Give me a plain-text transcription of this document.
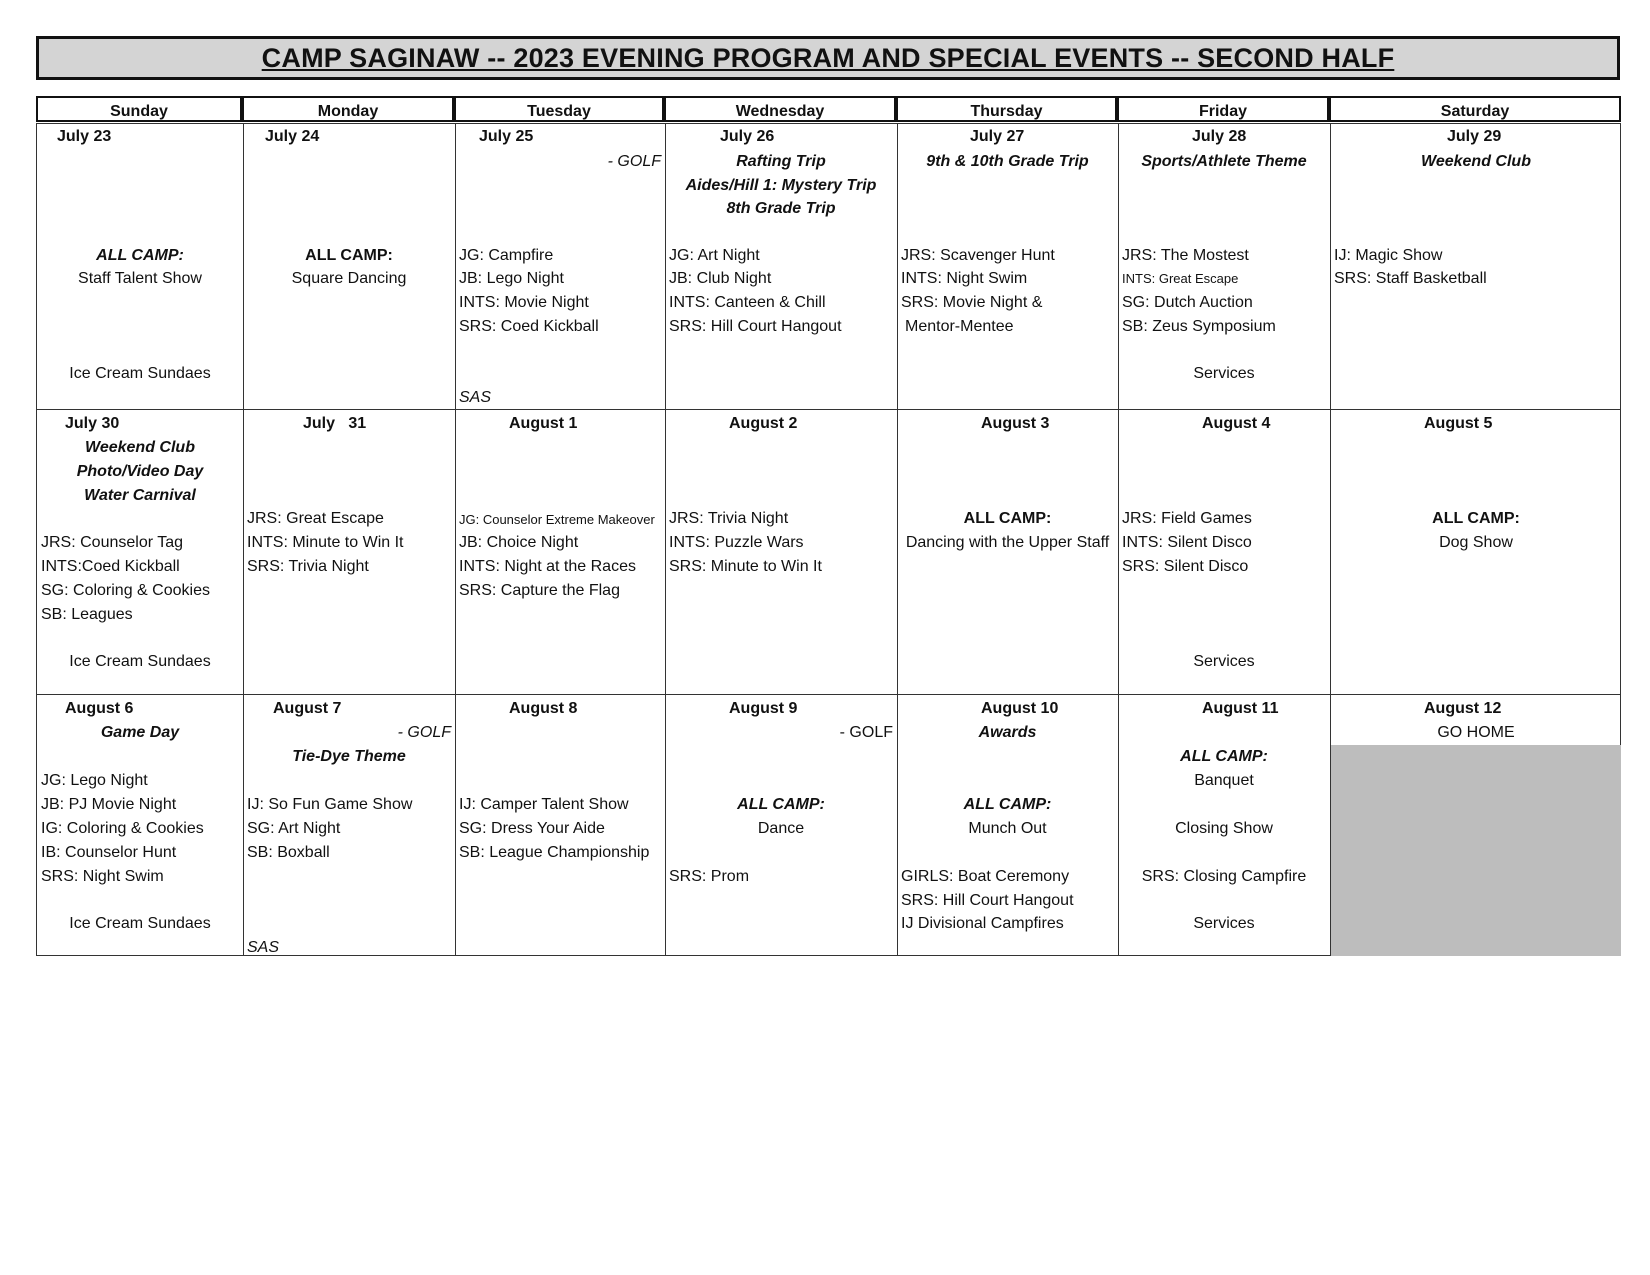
CAMP SAGINAW -- 2023 EVENING PROGRAM AND SPECIAL EVENTS -- SECOND HALF
Sunday	Monday	Tuesday	Wednesday	Thursday	Friday	Saturday
July 23
ALL CAMP:
Staff Talent Show
Ice Cream Sundaes
July 24
ALL CAMP:
Square Dancing
July 25
- GOLF
JG: Campfire
JB: Lego Night
INTS: Movie Night
SRS: Coed Kickball
SAS
July 26
Rafting Trip
Aides/Hill 1: Mystery Trip
8th Grade Trip
JG: Art Night
JB: Club Night
INTS: Canteen & Chill
SRS: Hill Court Hangout
July 27
9th & 10th Grade Trip
JRS: Scavenger Hunt
INTS: Night Swim
SRS: Movie Night &
Mentor-Mentee
July 28
Sports/Athlete Theme
JRS: The Mostest
INTS: Great Escape
SG: Dutch Auction
SB: Zeus Symposium
Services
July 29
Weekend Club
IJ: Magic Show
SRS: Staff Basketball
July 30
Weekend Club
Photo/Video Day
Water Carnival
JRS: Counselor Tag
INTS:Coed Kickball
SG: Coloring & Cookies
SB: Leagues
Ice Cream Sundaes
July   31
JRS: Great Escape
INTS: Minute to Win It
SRS: Trivia Night
August 1
JG: Counselor Extreme Makeover
JB: Choice Night
INTS: Night at the Races
SRS: Capture the Flag
August 2
JRS: Trivia Night
INTS: Puzzle Wars
SRS: Minute to Win It
August 3
ALL CAMP:
Dancing with the Upper Staff
August 4
JRS: Field Games
INTS: Silent Disco
SRS: Silent Disco
Services
August 5
ALL CAMP:
Dog Show
August 6
Game Day
JG: Lego Night
JB: PJ Movie Night
IG: Coloring & Cookies
IB: Counselor Hunt
SRS: Night Swim
Ice Cream Sundaes
August 7
- GOLF
Tie-Dye Theme
IJ: So Fun Game Show
SG: Art Night
SB: Boxball
SAS
August 8
IJ: Camper Talent Show
SG: Dress Your Aide
SB: League Championship
August 9
- GOLF
ALL CAMP:
Dance
SRS: Prom
August 10
Awards
ALL CAMP:
Munch Out
GIRLS: Boat Ceremony
SRS: Hill Court Hangout
IJ Divisional Campfires
August 11
ALL CAMP:
Banquet
Closing Show
SRS: Closing Campfire
Services
August 12
GO HOME
